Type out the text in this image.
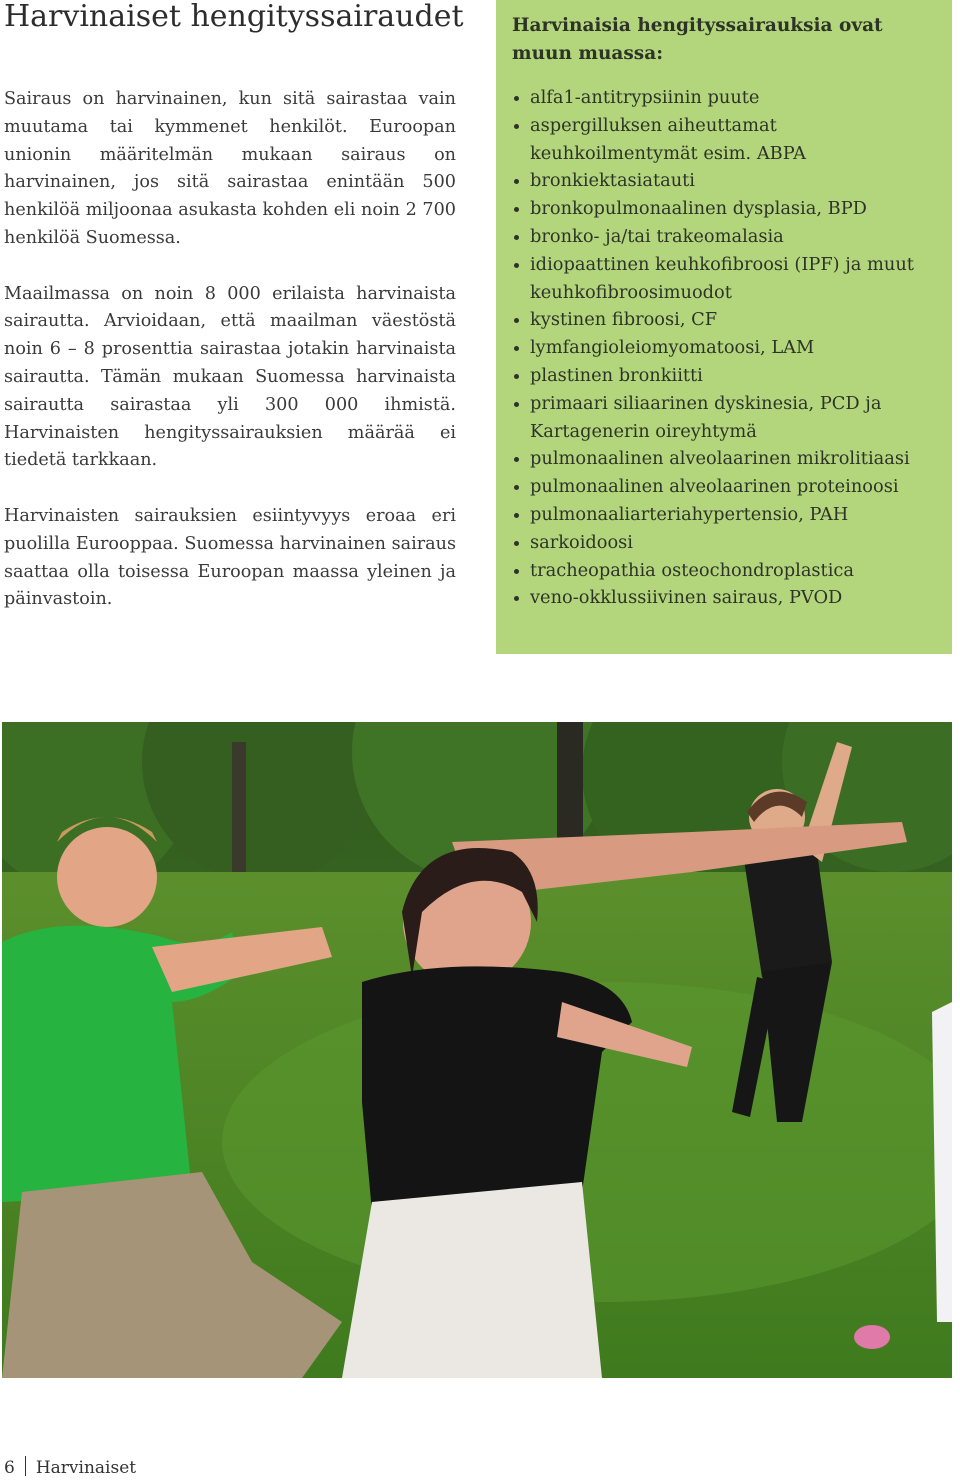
Harvinaiset hengityssairaudet

Sairaus on harvinainen, kun sitä sairastaa vain muutama tai kymmenet henkilöt. Euroopan unionin määritelmän mukaan sairaus on harvinainen, jos sitä sairastaa enintään 500 henkilöä miljoonaa asukasta kohden eli noin 2 700 henkilöä Suomessa.

Maailmassa on noin 8 000 erilaista harvinaista sairautta. Arvioidaan, että maailman väestöstä noin 6 – 8 prosenttia sairastaa jotakin harvinaista sairautta. Tämän mukaan Suomessa harvinaista sairautta sairastaa yli 300 000 ihmistä. Harvinaisten hengityssairauksien määrää ei tiedetä tarkkaan.

Harvinaisten sairauksien esiintyvyys eroaa eri puolilla Eurooppaa. Suomessa harvinainen sairaus saattaa olla toisessa Euroopan maassa yleinen ja päinvastoin.

Harvinaisia hengityssairauksia ovat muun muassa:
alfa1-antitrypsiinin puute
aspergilluksen aiheuttamat keuhkoilmentymät esim. ABPA
bronkiektasiatauti
bronkopulmonaalinen dysplasia, BPD
bronko- ja/tai trakeomalasia
idiopaattinen keuhkofibroosi (IPF) ja muut keuhkofibroosimuodot
kystinen fibroosi, CF
lymfangioleiomyomatoosi, LAM
plastinen bronkiitti
primaari siliaarinen dyskinesia, PCD ja Kartagenerin oireyhtymä
pulmonaalinen alveolaarinen mikrolitiaasi
pulmonaalinen alveolaarinen proteinoosi
pulmonaaliarteriahypertensio, PAH
sarkoidoosi
tracheopathia osteochondroplastica
veno-okklussiivinen sairaus, PVOD
6 Harvinaiset
